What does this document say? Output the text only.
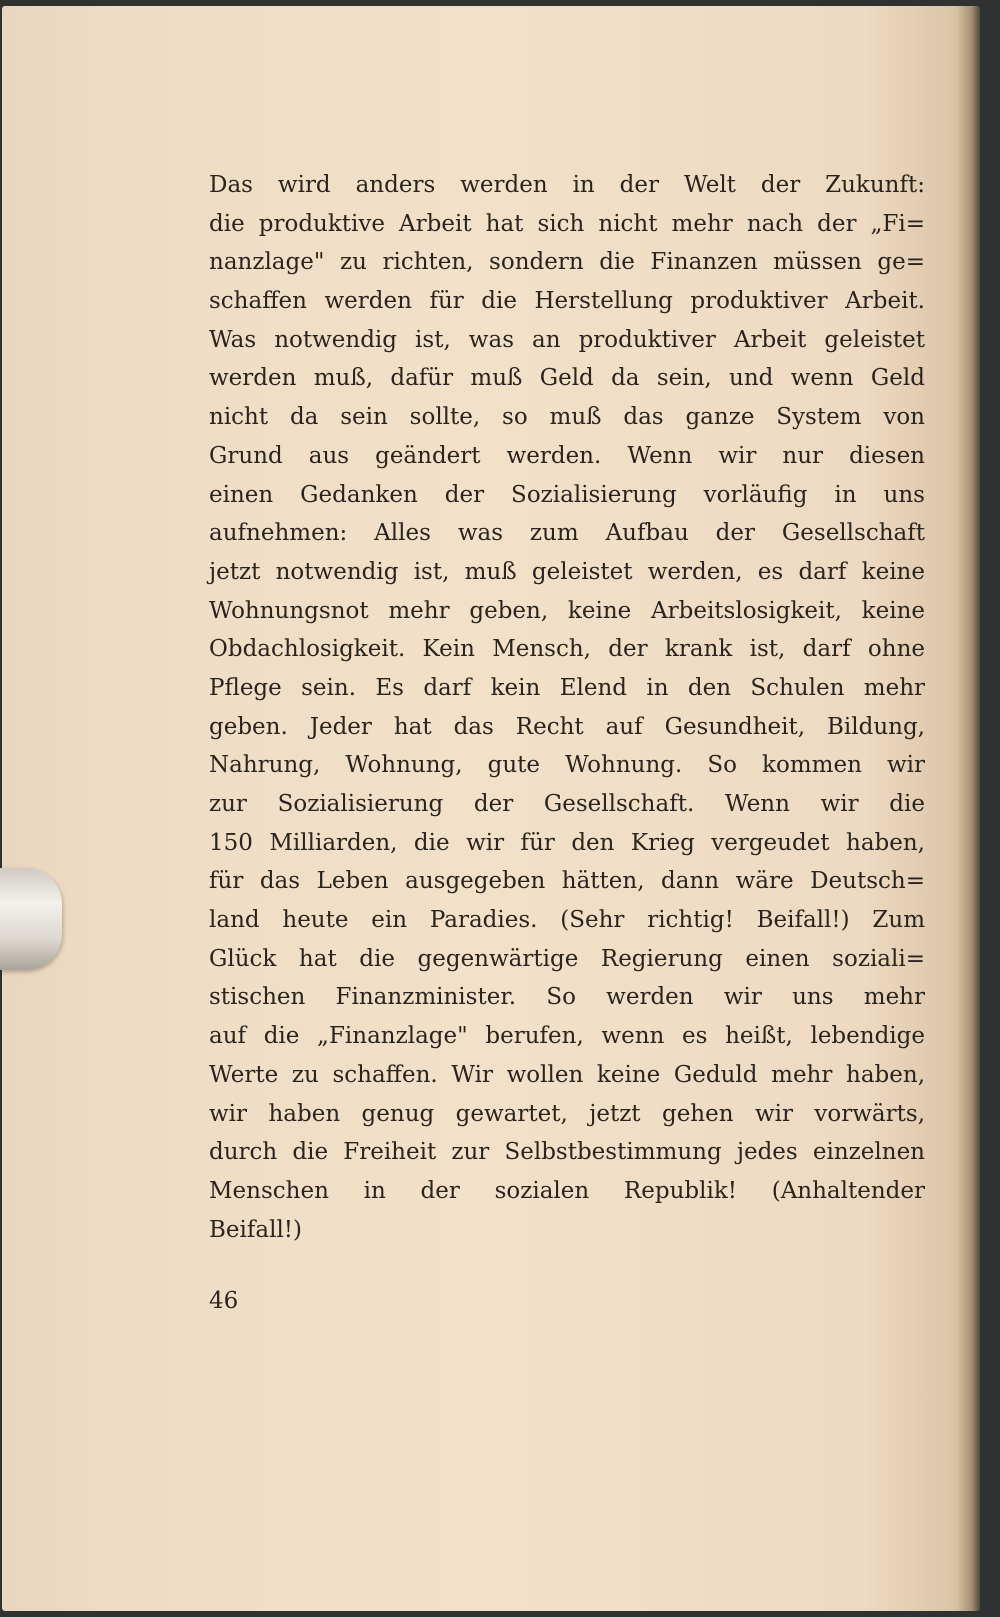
Das wird anders werden in der Welt der Zukunft:
die produktive Arbeit hat sich nicht mehr nach der „Fi=
nanzlage" zu richten, sondern die Finanzen müssen ge=
schaffen werden für die Herstellung produktiver Arbeit.
Was notwendig ist, was an produktiver Arbeit geleistet
werden muß, dafür muß Geld da sein, und wenn Geld
nicht da sein sollte, so muß das ganze System von
Grund aus geändert werden. Wenn wir nur diesen
einen Gedanken der Sozialisierung vorläufig in uns
aufnehmen: Alles was zum Aufbau der Gesellschaft
jetzt notwendig ist, muß geleistet werden, es darf keine
Wohnungsnot mehr geben, keine Arbeitslosigkeit, keine
Obdachlosigkeit. Kein Mensch, der krank ist, darf ohne
Pflege sein. Es darf kein Elend in den Schulen mehr
geben. Jeder hat das Recht auf Gesundheit, Bildung,
Nahrung, Wohnung, gute Wohnung. So kommen wir
zur Sozialisierung der Gesellschaft. Wenn wir die
150 Milliarden, die wir für den Krieg vergeudet haben,
für das Leben ausgegeben hätten, dann wäre Deutsch=
land heute ein Paradies. (Sehr richtig! Beifall!) Zum
Glück hat die gegenwärtige Regierung einen soziali=
stischen Finanzminister. So werden wir uns mehr
auf die „Finanzlage" berufen, wenn es heißt, lebendige
Werte zu schaffen. Wir wollen keine Geduld mehr haben,
wir haben genug gewartet, jetzt gehen wir vorwärts,
durch die Freiheit zur Selbstbestimmung jedes einzelnen
Menschen in der sozialen Republik! (Anhaltender
Beifall!)
46
